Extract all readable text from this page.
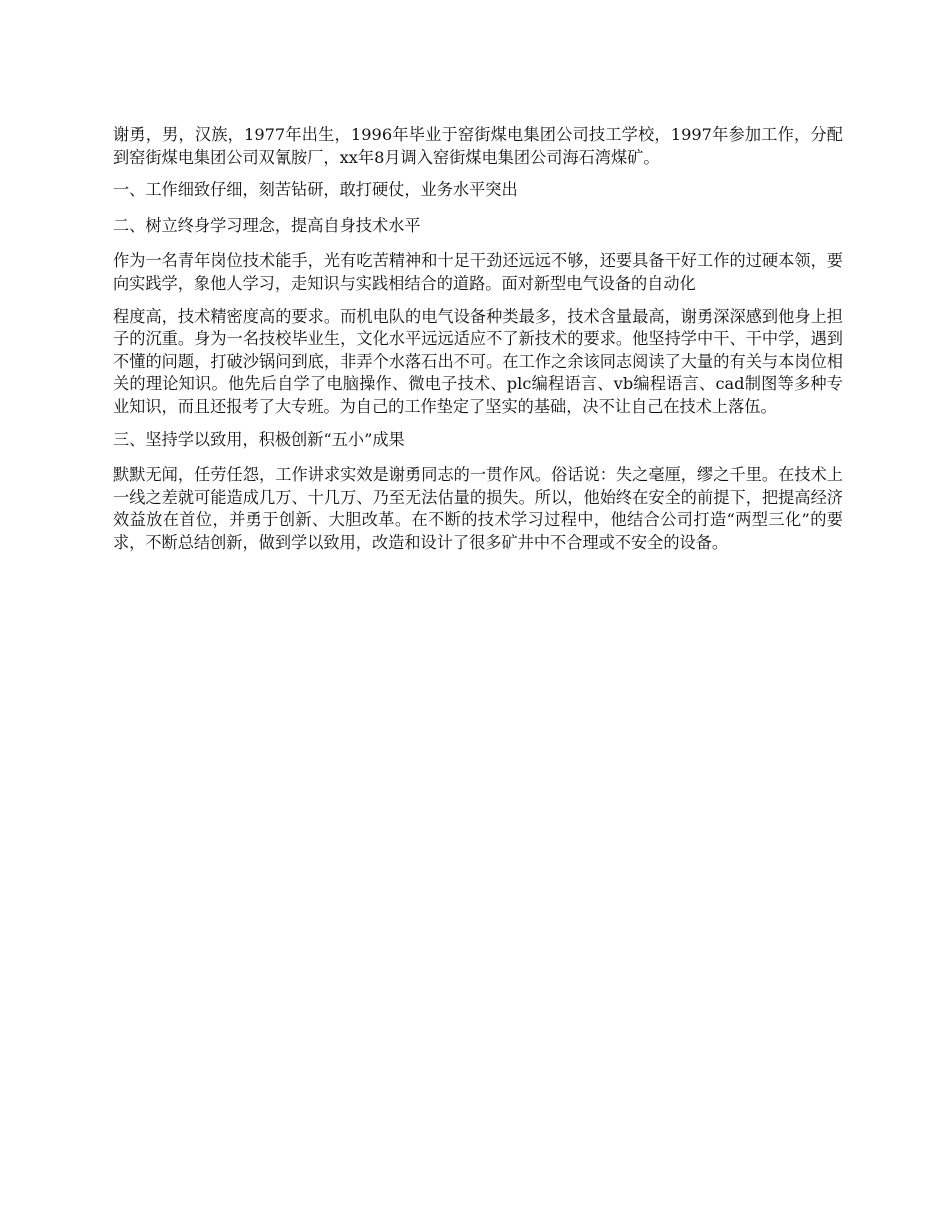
谢勇，男，汉族，1977年出生，1996年毕业于窑街煤电集团公司技工学校，1997年参加工作，分配到窑街煤电集团公司双氰胺厂，xx年8月调入窑街煤电集团公司海石湾煤矿。

一、工作细致仔细，刻苦钻研，敢打硬仗，业务水平突出

二、树立终身学习理念，提高自身技术水平

作为一名青年岗位技术能手，光有吃苦精神和十足干劲还远远不够，还要具备干好工作的过硬本领，要向实践学，象他人学习，走知识与实践相结合的道路。面对新型电气设备的自动化

程度高，技术精密度高的要求。而机电队的电气设备种类最多，技术含量最高，谢勇深深感到他身上担子的沉重。身为一名技校毕业生，文化水平远远适应不了新技术的要求。他坚持学中干、干中学，遇到不懂的问题，打破沙锅问到底，非弄个水落石出不可。在工作之余该同志阅读了大量的有关与本岗位相关的理论知识。他先后自学了电脑操作、微电子技术、plc编程语言、vb编程语言、cad制图等多种专业知识，而且还报考了大专班。为自己的工作垫定了坚实的基础，决不让自己在技术上落伍。

三、坚持学以致用，积极创新“五小”成果

默默无闻，任劳任怨，工作讲求实效是谢勇同志的一贯作风。俗话说：失之毫厘，缪之千里。在技术上一线之差就可能造成几万、十几万、乃至无法估量的损失。所以，他始终在安全的前提下，把提高经济效益放在首位，并勇于创新、大胆改革。在不断的技术学习过程中，他结合公司打造“两型三化”的要求，不断总结创新，做到学以致用，改造和设计了很多矿井中不合理或不安全的设备。
